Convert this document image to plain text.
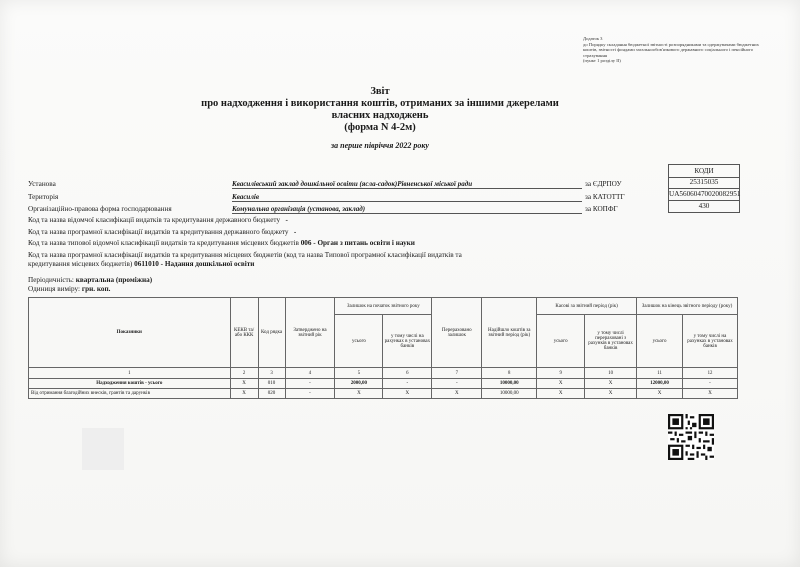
Додаток 3
до Порядку складання бюджетної звітності розпорядниками та одержувачами бюджетних коштів, звітності фондами загальнообов'язкового державного соціального і пенсійного страхування
(пункт 1 розділу II)
Звіт
про надходження і використання коштів, отриманих за іншими джерелами
власних надходжень
(форма N 4-2м)
за перше півріччя 2022 року
КОДИ
25315035
UA56060470020082951
430
Установа	Квасилівський заклад дошкільної освіти (ясла-садок)Рівненської міської ради	за ЄДРПОУ
Територія	Квасилів	за КАТОТТГ
Організаційно-правова форма господарювання	Комунальна організація (установа, заклад)	за КОПФГ
Код та назва відомчої класифікації видатків та кредитування державного бюджету -
Код та назва програмної класифікації видатків та кредитування державного бюджету -
Код та назва типової відомчої класифікації видатків та кредитування місцевих бюджетів 006 - Орган з питань освіти і науки
Код та назва програмної класифікації видатків та кредитування місцевих бюджетів (код та назва Типової програмної класифікації видатків та
кредитування місцевих бюджетів) 0611010 - Надання дошкільної освіти
Періодичність: квартальна (проміжна)
Одиниця виміру: грн. коп.
Показники	КЕКВ та/або ККК	Код рядка	Затверджено на звітний рік	Залишок на початок звітного року		Перераховано залишок	Надійшло коштів за звітний період (рік)	Касові за звітний період (рік)		Залишок на кінець звітного періоду (року)	
				усього	у тому числі на рахунках в установах банків			усього	у тому числі перераховані з рахунків в установах банків	усього	у тому числі на рахунках в установах банків
1	2	3	4	5	6	7	8	9	10	11	12
Надходження коштів - усього	X	010	-	2000,00	-	-	10000,00	X	X	12000,00	-
Від отримання благодійних внесків, грантів та дарунків	X	020	-	X	X	X	10000,00	X	X	X	X
